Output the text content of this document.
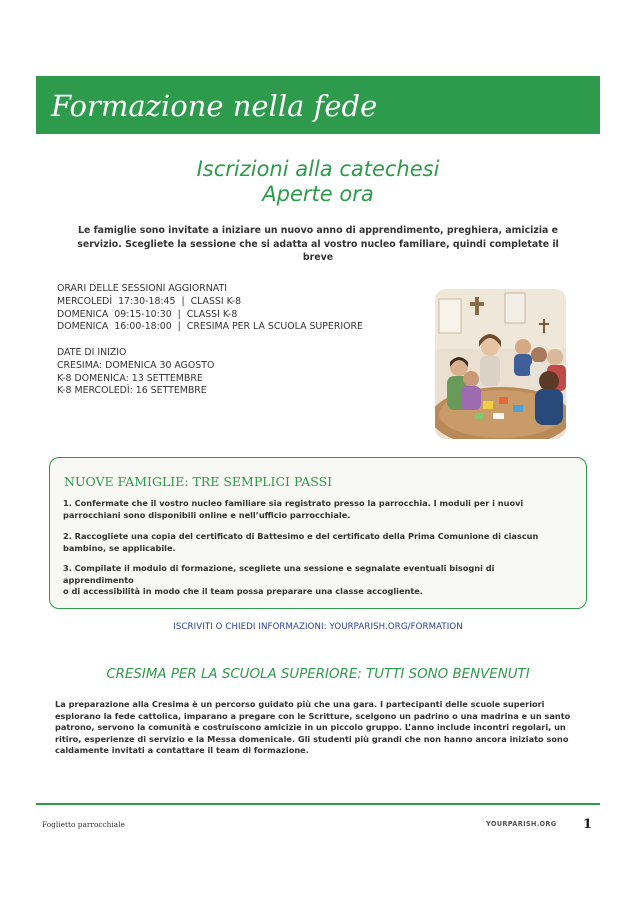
Formazione nella fede
Iscrizioni alla catechesi
Aperte ora

Le famiglie sono invitate a iniziare un nuovo anno di apprendimento, preghiera, amicizia e servizio. Scegliete la sessione che si adatta al vostro nucleo familiare, quindi completate il breve

ORARI DELLE SESSIONI AGGIORNATI
MERCOLEDÌ  17:30-18:45  |  CLASSI K-8
DOMENICA  09:15-10:30  |  CLASSI K-8
DOMENICA  16:00-18:00  |  CRESIMA PER LA SCUOLA SUPERIORE
DATE DI INIZIO
CRESIMA: DOMENICA 30 AGOSTO
K-8 DOMENICA: 13 SETTEMBRE
K-8 MERCOLEDÌ: 16 SETTEMBRE
NUOVE FAMIGLIE: TRE SEMPLICI PASSI
1. Confermate che il vostro nucleo familiare sia registrato presso la parrocchia. I moduli per i nuovi parrocchiani sono disponibili online e nell’ufficio parrocchiale.
2. Raccogliete una copia del certificato di Battesimo e del certificato della Prima Comunione di ciascun bambino, se applicabile.
3. Compilate il modulo di formazione, scegliete una sessione e segnalate eventuali bisogni di apprendimento
o di accessibilità in modo che il team possa preparare una classe accogliente.
ISCRIVITI O CHIEDI INFORMAZIONI: YOURPARISH.ORG/FORMATION
CRESIMA PER LA SCUOLA SUPERIORE: TUTTI SONO BENVENUTI

La preparazione alla Cresima è un percorso guidato più che una gara. I partecipanti delle scuole superiori esplorano la fede cattolica, imparano a pregare con le Scritture, scelgono un padrino o una madrina e un santo patrono, servono la comunità e costruiscono amicizie in un piccolo gruppo. L’anno include incontri regolari, un ritiro, esperienze di servizio e la Messa domenicale. Gli studenti più grandi che non hanno ancora iniziato sono caldamente invitati a contattare il team di formazione.

Foglietto parrocchiale	YOURPARISH.ORG 1
